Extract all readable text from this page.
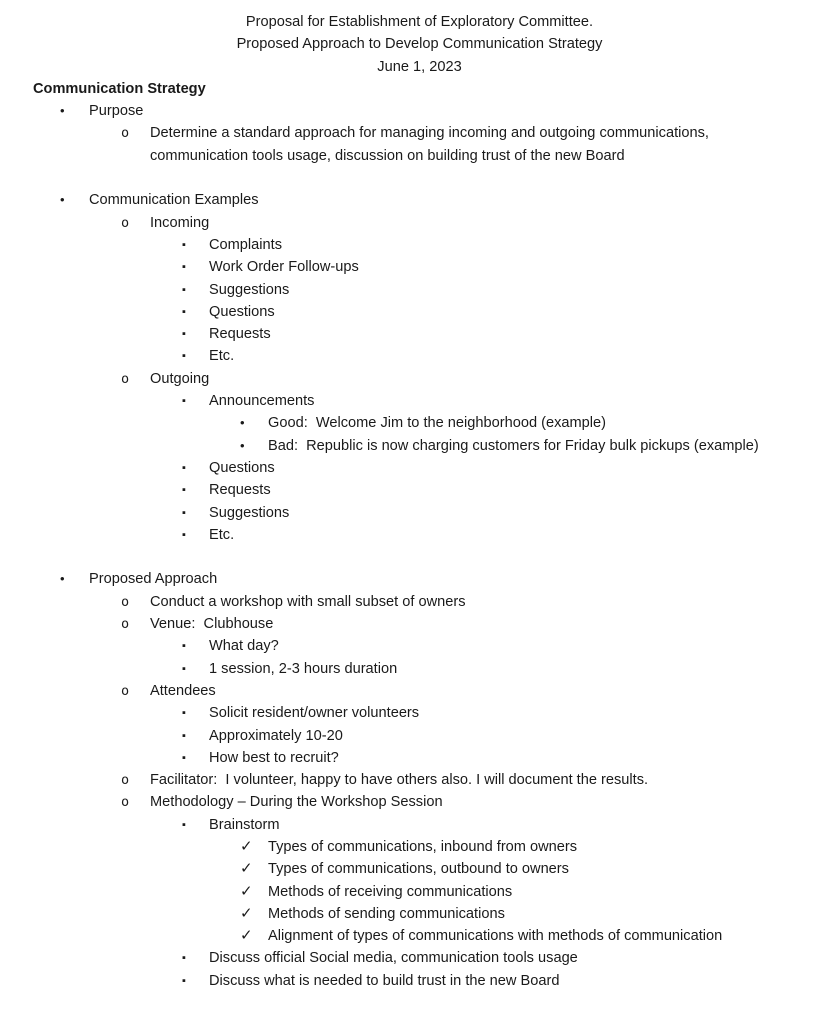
Proposal for Establishment of Exploratory Committee.
Proposed Approach to Develop Communication Strategy
June 1, 2023
Communication Strategy
•	Purpose
o	Determine a standard approach for managing incoming and outgoing communications, communication tools usage, discussion on building trust of the new Board
•	Communication Examples
o	Incoming
▪	Complaints
▪	Work Order Follow-ups
▪	Suggestions
▪	Questions
▪	Requests
▪	Etc.
o	Outgoing
▪	Announcements
•	Good:  Welcome Jim to the neighborhood (example)
•	Bad:  Republic is now charging customers for Friday bulk pickups (example)
▪	Questions
▪	Requests
▪	Suggestions
▪	Etc.
•	Proposed Approach
o	Conduct a workshop with small subset of owners
o	Venue:  Clubhouse
▪	What day?
▪	1 session, 2-3 hours duration
o	Attendees
▪	Solicit resident/owner volunteers
▪	Approximately 10-20
▪	How best to recruit?
o	Facilitator:  I volunteer, happy to have others also. I will document the results.
o	Methodology – During the Workshop Session
▪	Brainstorm
✓	Types of communications, inbound from owners
✓	Types of communications, outbound to owners
✓	Methods of receiving communications
✓	Methods of sending communications
✓	Alignment of types of communications with methods of communication
▪	Discuss official Social media, communication tools usage
▪	Discuss what is needed to build trust in the new Board
